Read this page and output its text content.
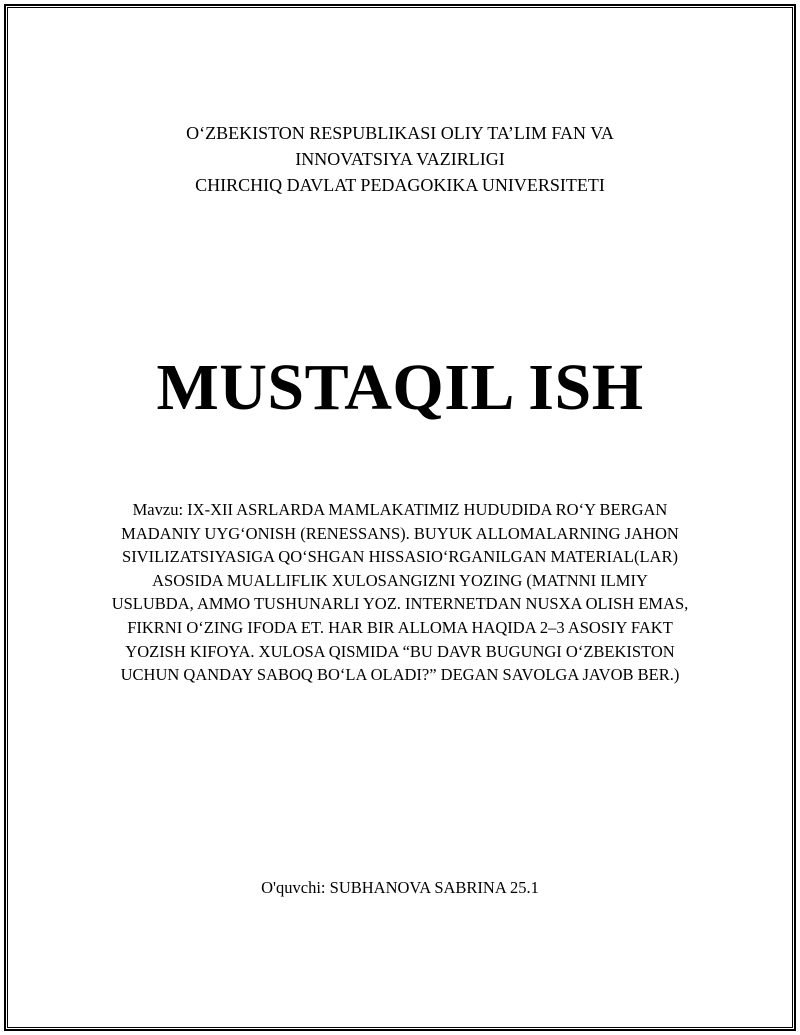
O‘ZBEKISTON RESPUBLIKASI OLIY TA’LIM FAN VA
INNOVATSIYA VAZIRLIGI
CHIRCHIQ DAVLAT PEDAGOKIKA UNIVERSITETI
MUSTAQIL ISH
Mavzu: IX-XII ASRLARDA MAMLAKATIMIZ HUDUDIDA RO‘Y BERGAN MADANIY UYG‘ONISH (RENESSANS). BUYUK ALLOMALARNING JAHON SIVILIZATSIYASIGA QO‘SHGAN HISSASIO‘RGANILGAN MATERIAL(LAR) ASOSIDA MUALLIFLIK XULOSANGIZNI YOZING (MATNNI ILMIY USLUBDA, AMMO TUSHUNARLI YOZ. INTERNETDAN NUSXA OLISH EMAS, FIKRNI O‘ZING IFODA ET. HAR BIR ALLOMA HAQIDA 2–3 ASOSIY FAKT YOZISH KIFOYA. XULOSA QISMIDA “BU DAVR BUGUNGI O‘ZBEKISTON UCHUN QANDAY SABOQ BO‘LA OLADI?” DEGAN SAVOLGA JAVOB BER.)
O'quvchi: SUBHANOVA SABRINA 25.1
